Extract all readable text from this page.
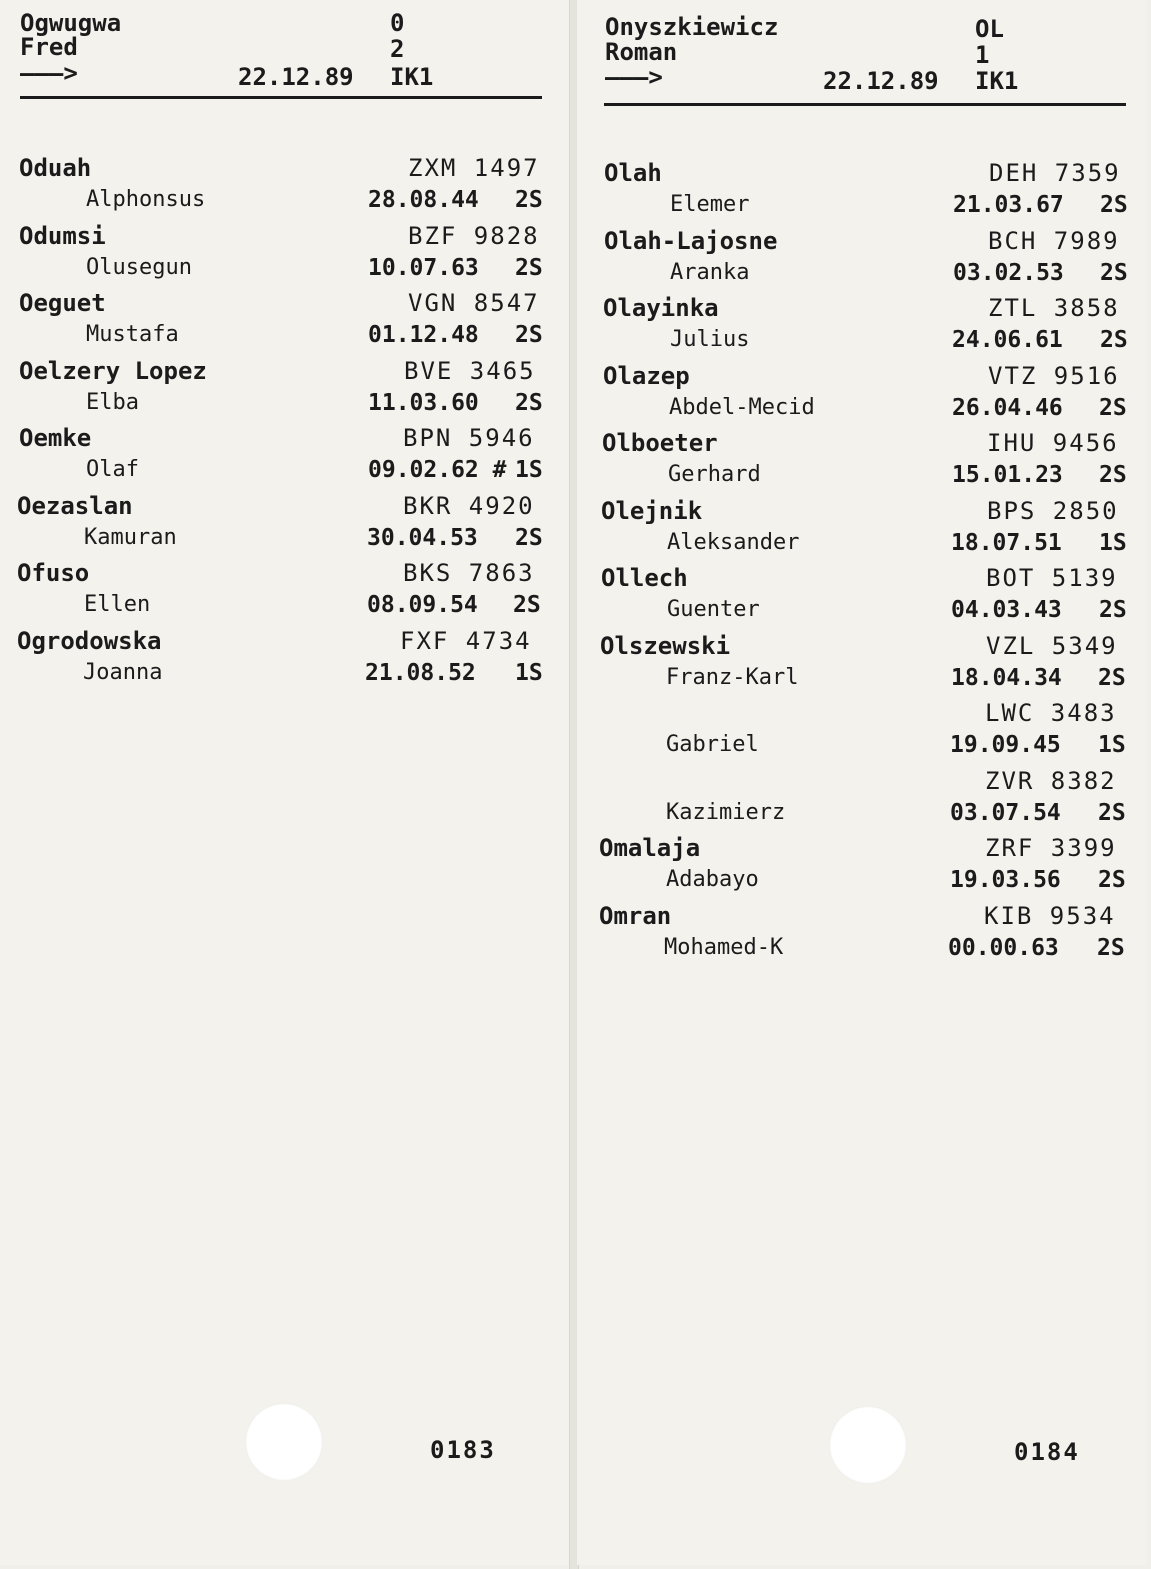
Ogwugwa
Fred
0
2
———>	22.12.89 IK1
Oduah	ZXM 1497
Alphonsus	28.08.44 2S
Odumsi	BZF 9828
Olusegun	10.07.63 2S
Oeguet	VGN 8547
Mustafa	01.12.48 2S
Oelzery Lopez	BVE 3465
Elba	11.03.60 2S
Oemke	BPN 5946
Olaf	09.02.62 # 1S
Oezaslan	BKR 4920
Kamuran	30.04.53 2S
Ofuso	BKS 7863
Ellen	08.09.54 2S
Ogrodowska	FXF 4734
Joanna	21.08.52 1S
0183
Onyszkiewicz
Roman
OL
1
———>	22.12.89 IK1
Olah	DEH 7359
Elemer	21.03.67 2S
Olah-Lajosne	BCH 7989
Aranka	03.02.53 2S
Olayinka	ZTL 3858
Julius	24.06.61 2S
Olazep	VTZ 9516
Abdel-Mecid	26.04.46 2S
Olboeter	IHU 9456
Gerhard	15.01.23 2S
Olejnik	BPS 2850
Aleksander	18.07.51 1S
Ollech	BOT 5139
Guenter	04.03.43 2S
Olszewski	VZL 5349
Franz-Karl	18.04.34 2S
LWC 3483
Gabriel	19.09.45 1S
ZVR 8382
Kazimierz	03.07.54 2S
Omalaja	ZRF 3399
Adabayo	19.03.56 2S
Omran	KIB 9534
Mohamed-K	00.00.63 2S
0184
